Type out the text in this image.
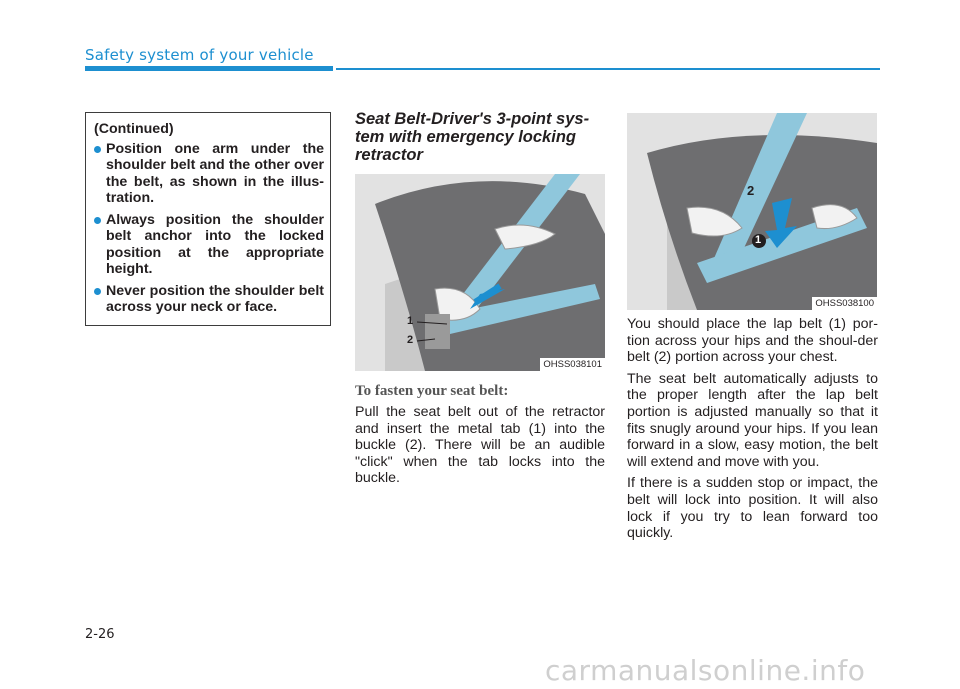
Safety system of your vehicle
(Continued)
Position one arm under the shoulder belt and the other over the belt, as shown in the illus-tration.
Always position the shoulder belt anchor into the locked position at the appropriate height.
Never position the shoulder belt across your neck or face.
Seat Belt-Driver's 3-point sys-tem with emergency locking retractor
1
2
OHSS038101
2
1
OHSS038100
To fasten your seat belt:

Pull the seat belt out of the retractor and insert the metal tab (1) into the buckle (2). There will be an audible "click" when the tab locks into the buckle.

You should place the lap belt (1) por-tion across your hips and the shoul-der belt (2) portion across your chest.

The seat belt automatically adjusts to the proper length after the lap belt portion is adjusted manually so that it fits snugly around your hips. If you lean forward in a slow, easy motion, the belt will extend and move with you.

If there is a sudden stop or impact, the belt will lock into position. It will also lock if you try to lean forward too quickly.

2-26
carmanualsonline.info
